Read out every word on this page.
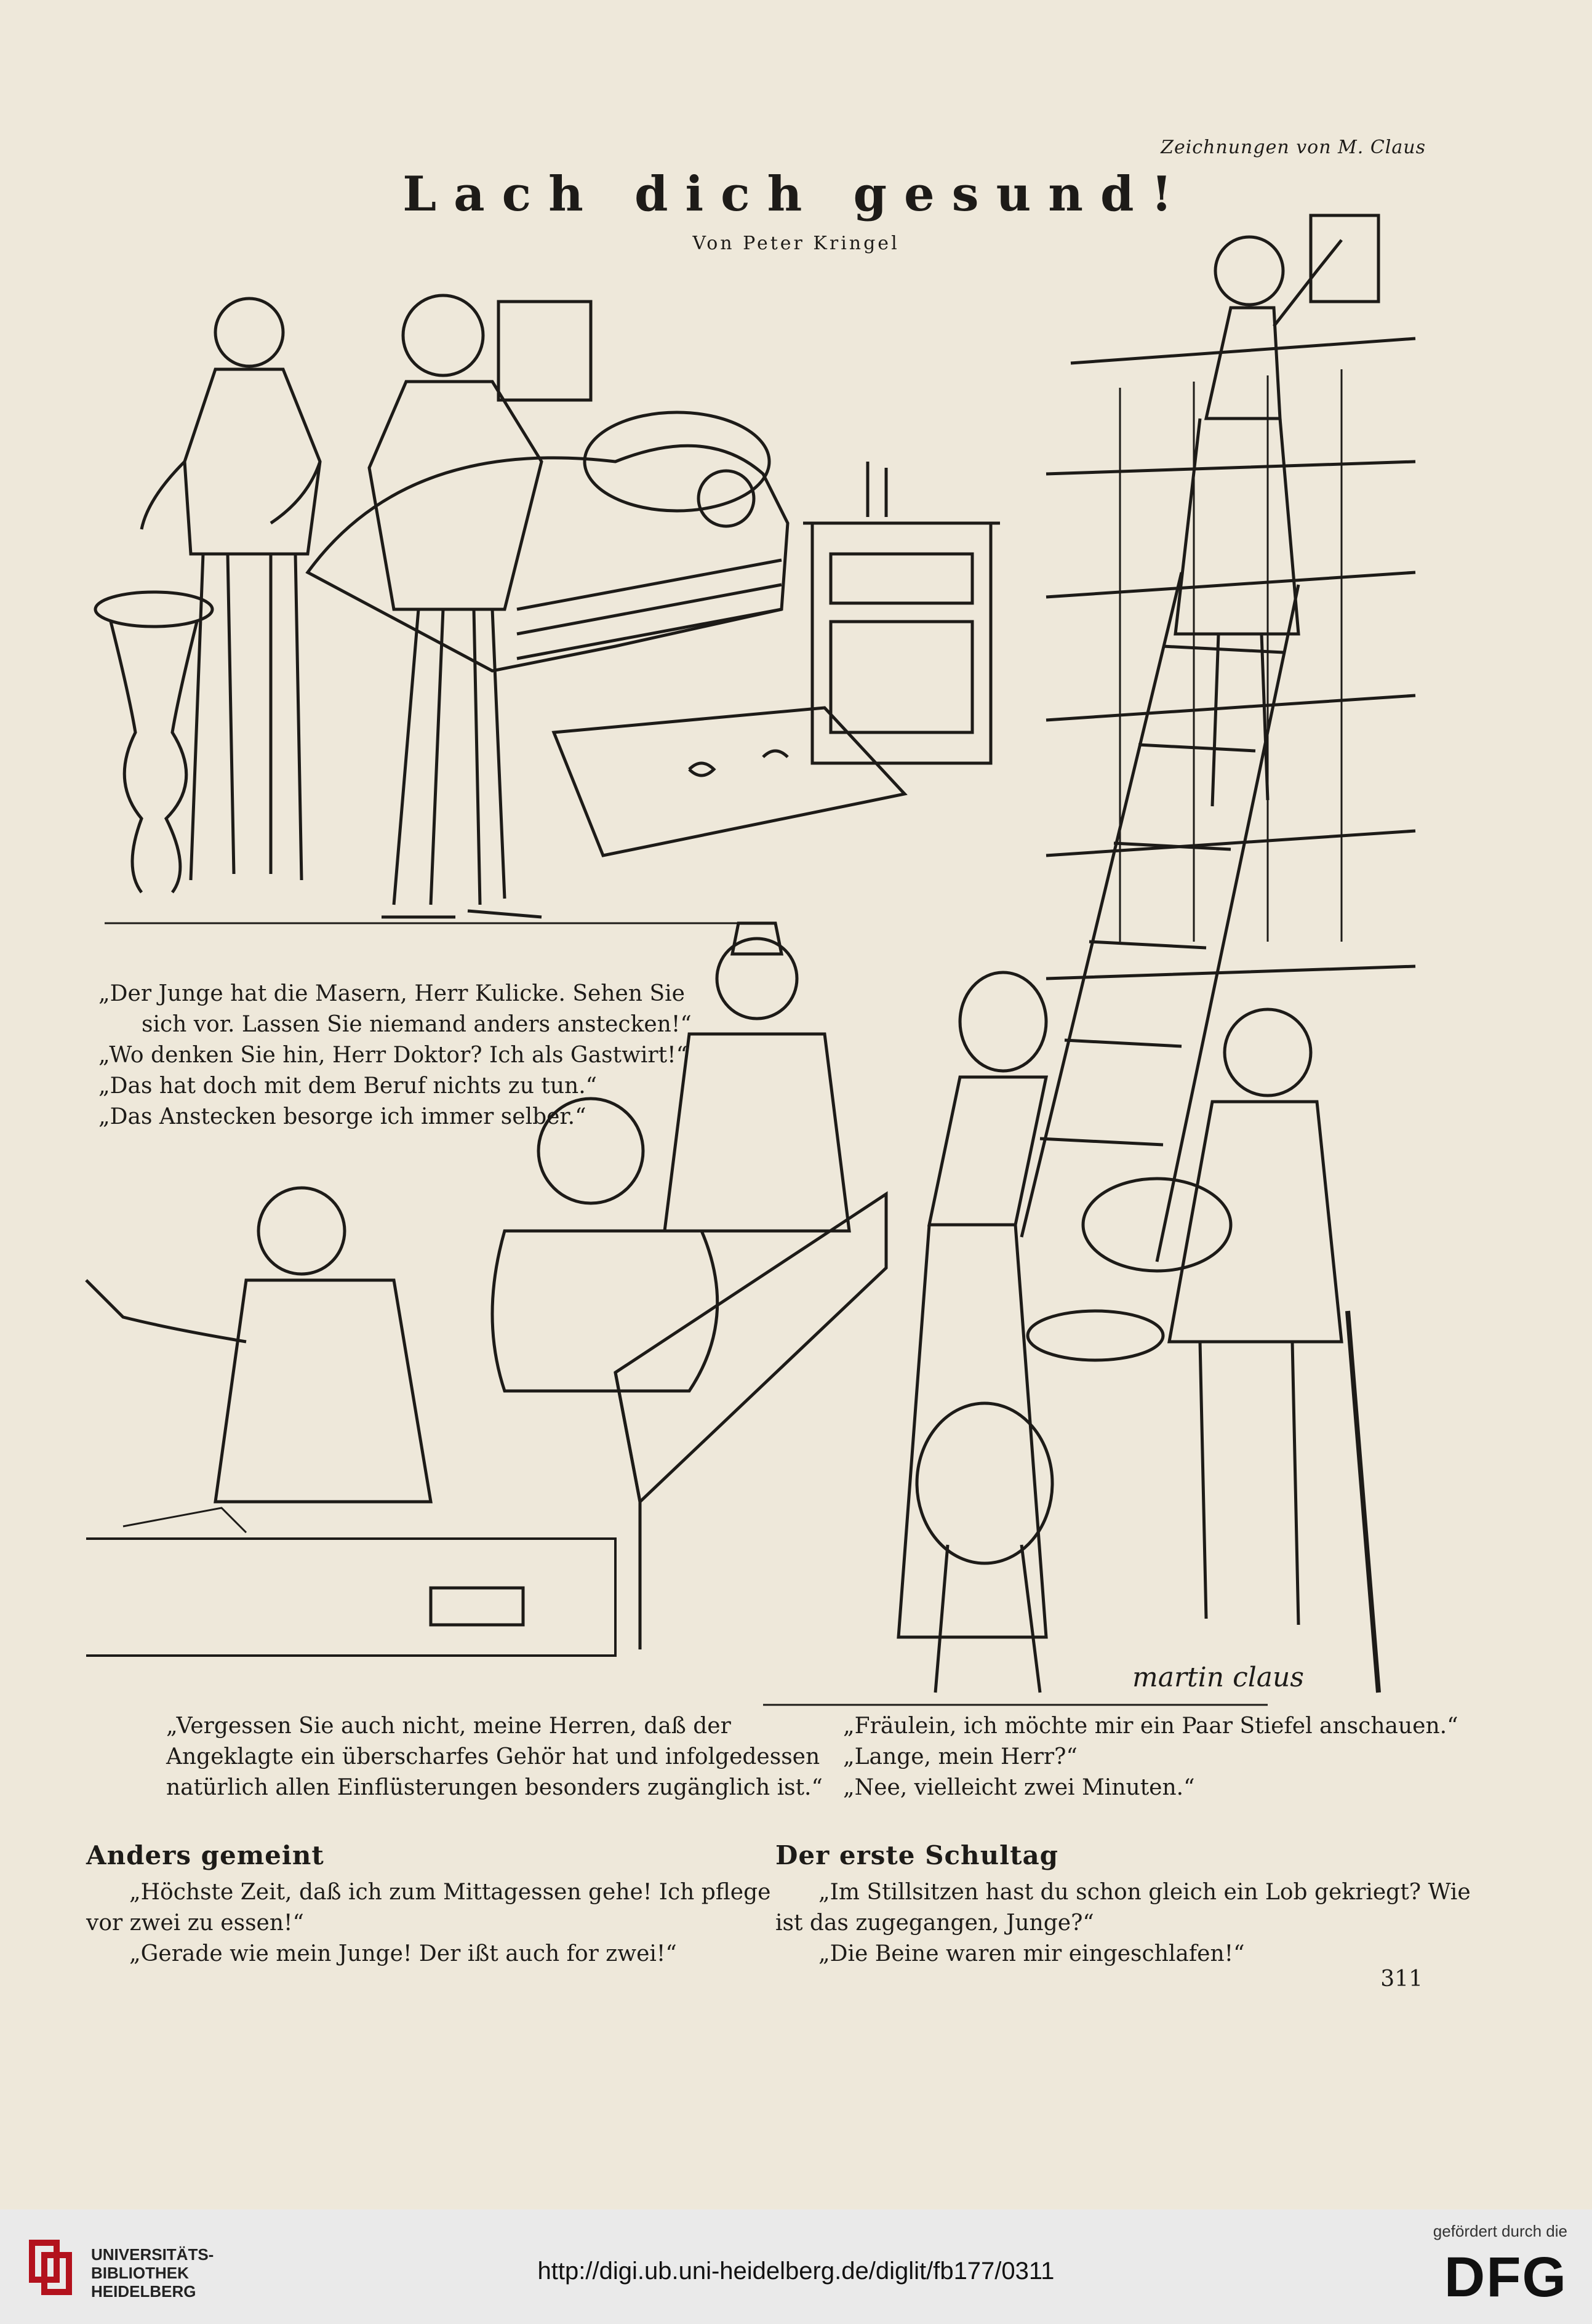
Zeichnungen von M. Claus
Lach dich gesund!
Von Peter Kringel
„Der Junge hat die Masern, Herr Kulicke. Sehen Sie
sich vor. Lassen Sie niemand anders anstecken!“
„Wo denken Sie hin, Herr Doktor? Ich als Gastwirt!“
„Das hat doch mit dem Beruf nichts zu tun.“
„Das Anstecken besorge ich immer selber.“
martin claus
„Vergessen Sie auch nicht, meine Herren, daß der
Angeklagte ein überscharfes Gehör hat und infolgedessen
natürlich allen Einflüsterungen besonders zugänglich ist.“
„Fräulein, ich möchte mir ein Paar Stiefel anschauen.“
„Lange, mein Herr?“
„Nee, vielleicht zwei Minuten.“
Anders gemeint
„Höchste Zeit, daß ich zum Mittagessen gehe! Ich pflege
vor zwei zu essen!“
„Gerade wie mein Junge! Der ißt auch for zwei!“
Der erste Schultag
„Im Stillsitzen hast du schon gleich ein Lob gekriegt? Wie
ist das zugegangen, Junge?“
„Die Beine waren mir eingeschlafen!“
311
UNIVERSITÄTS-
BIBLIOTHEK
HEIDELBERG
http://digi.ub.uni-heidelberg.de/diglit/fb177/0311
gefördert durch die
DFG
